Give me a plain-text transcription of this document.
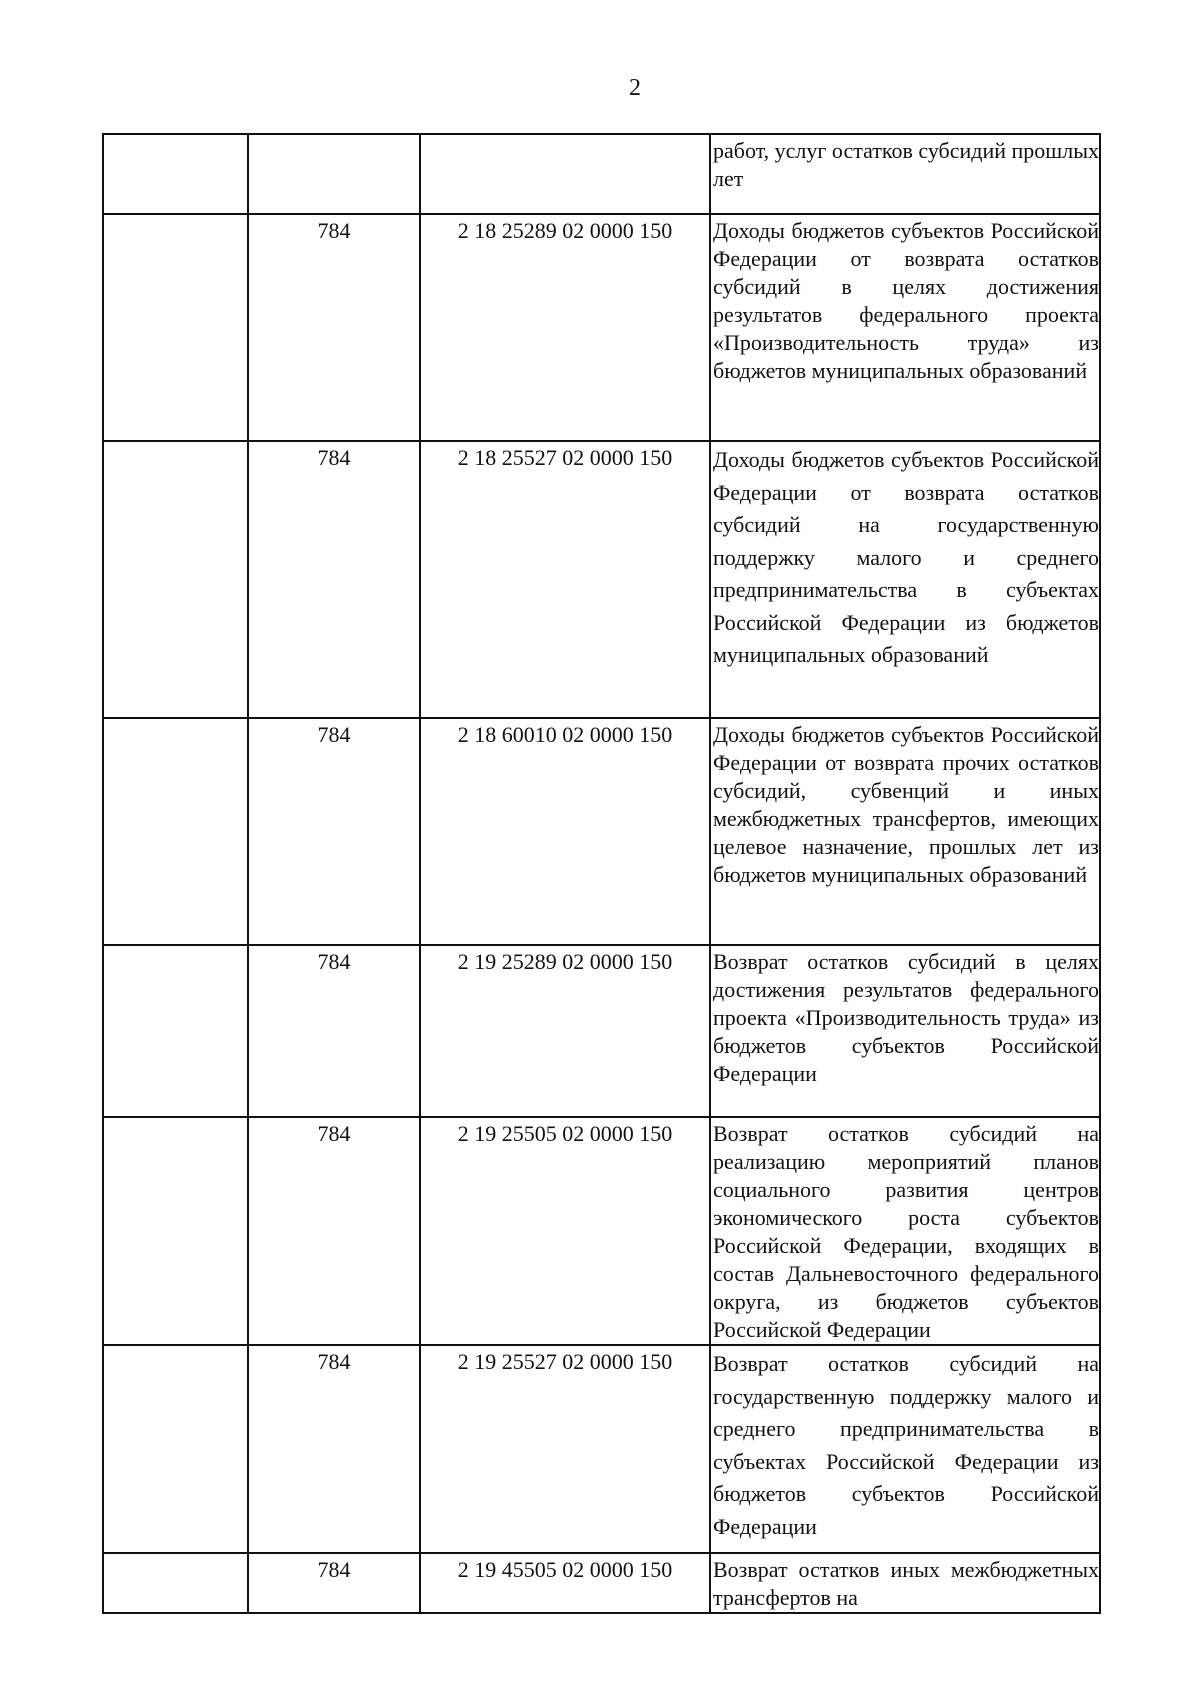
2
			работ, услуг остатков субсидий прошлых лет
	784	2 18 25289 02 0000 150	Доходы бюджетов субъектов Российской Федерации от возврата остатков субсидий в целях достижения результатов федерального проекта «Производительность труда» из бюджетов муниципальных образований
	784	2 18 25527 02 0000 150	Доходы бюджетов субъектов Российской Федерации от возврата остатков субсидий на государственную поддержку малого и среднего предпринимательства в субъектах Российской Федерации из бюджетов муниципальных образований
	784	2 18 60010 02 0000 150	Доходы бюджетов субъектов Российской Федерации от возврата прочих остатков субсидий, субвенций и иных межбюджетных трансфертов, имеющих целевое назначение, прошлых лет из бюджетов муниципальных образований
	784	2 19 25289 02 0000 150	Возврат остатков субсидий в целях достижения результатов федерального проекта «Производительность труда» из бюджетов субъектов Российской Федерации
	784	2 19 25505 02 0000 150	Возврат остатков субсидий на реализацию мероприятий планов социального развития центров экономического роста субъектов Российской Федерации, входящих в состав Дальневосточного федерального округа, из бюджетов субъектов Российской Федерации
	784	2 19 25527 02 0000 150	Возврат остатков субсидий на государственную поддержку малого и среднего предпринимательства в субъектах Российской Федерации из бюджетов субъектов Российской Федерации
	784	2 19 45505 02 0000 150	Возврат остатков иных межбюджетных трансфертов на
